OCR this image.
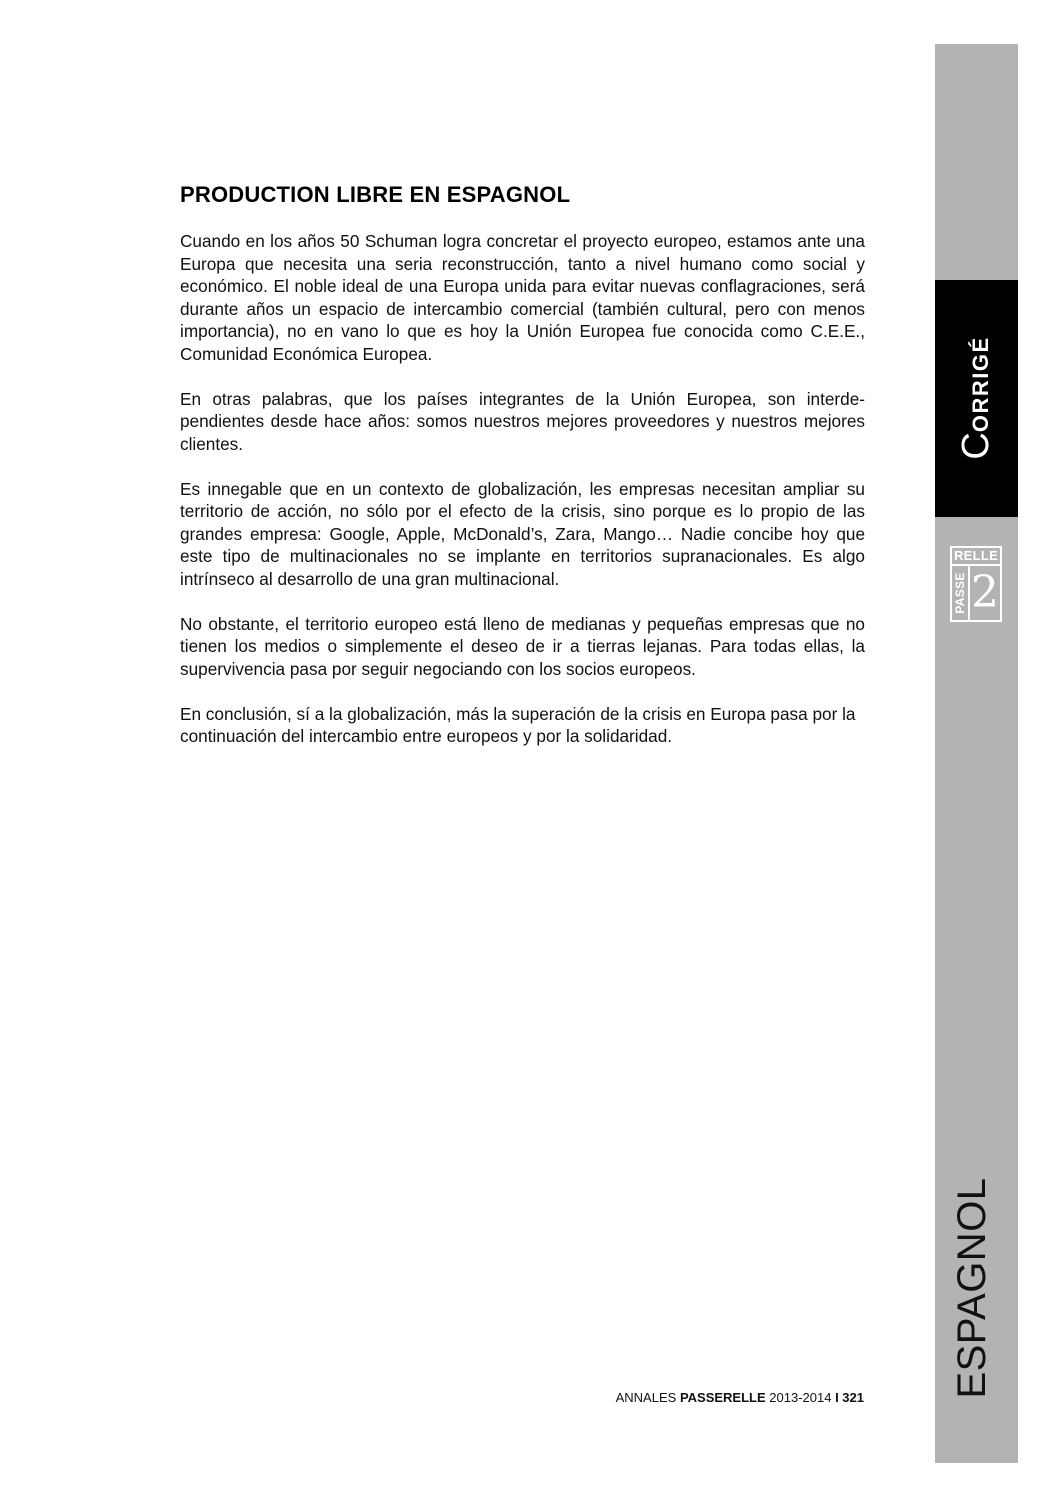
PRODUCTION LIBRE EN ESPAGNOL

Cuando en los años 50 Schuman logra concretar el proyecto europeo, estamos ante una Europa que necesita una seria reconstrucción, tanto a nivel humano como social y económico. El noble ideal de una Europa unida para evitar nuevas conflagraciones, será durante años un espacio de intercambio comercial (también cultural, pero con menos importancia), no en vano lo que es hoy la Unión Europea fue conocida como C.E.E., Comunidad Económica Europea.

En otras palabras, que los países integrantes de la Unión Europea, son interde-pendientes desde hace años: somos nuestros mejores proveedores y nuestros mejores clientes.

Es innegable que en un contexto de globalización, les empresas necesitan ampliar su territorio de acción, no sólo por el efecto de la crisis, sino porque es lo propio de las grandes empresa: Google, Apple, McDonald’s, Zara, Mango… Nadie concibe hoy que este tipo de multinacionales no se implante en territorios supranacionales. Es algo intrínseco al desarrollo de una gran multinacional.

No obstante, el territorio europeo está lleno de medianas y pequeñas empresas que no tienen los medios o simplemente el deseo de ir a tierras lejanas. Para todas ellas, la supervivencia pasa por seguir negociando con los socios europeos.

En conclusión, sí a la globalización, más la superación de la crisis en Europa pasa por la continuación del intercambio entre europeos y por la solidaridad.

ANNALES PASSERELLE 2013-2014 I 321
CORRIGÉ
RELLE
PASSE 2
ESPAGNOL
